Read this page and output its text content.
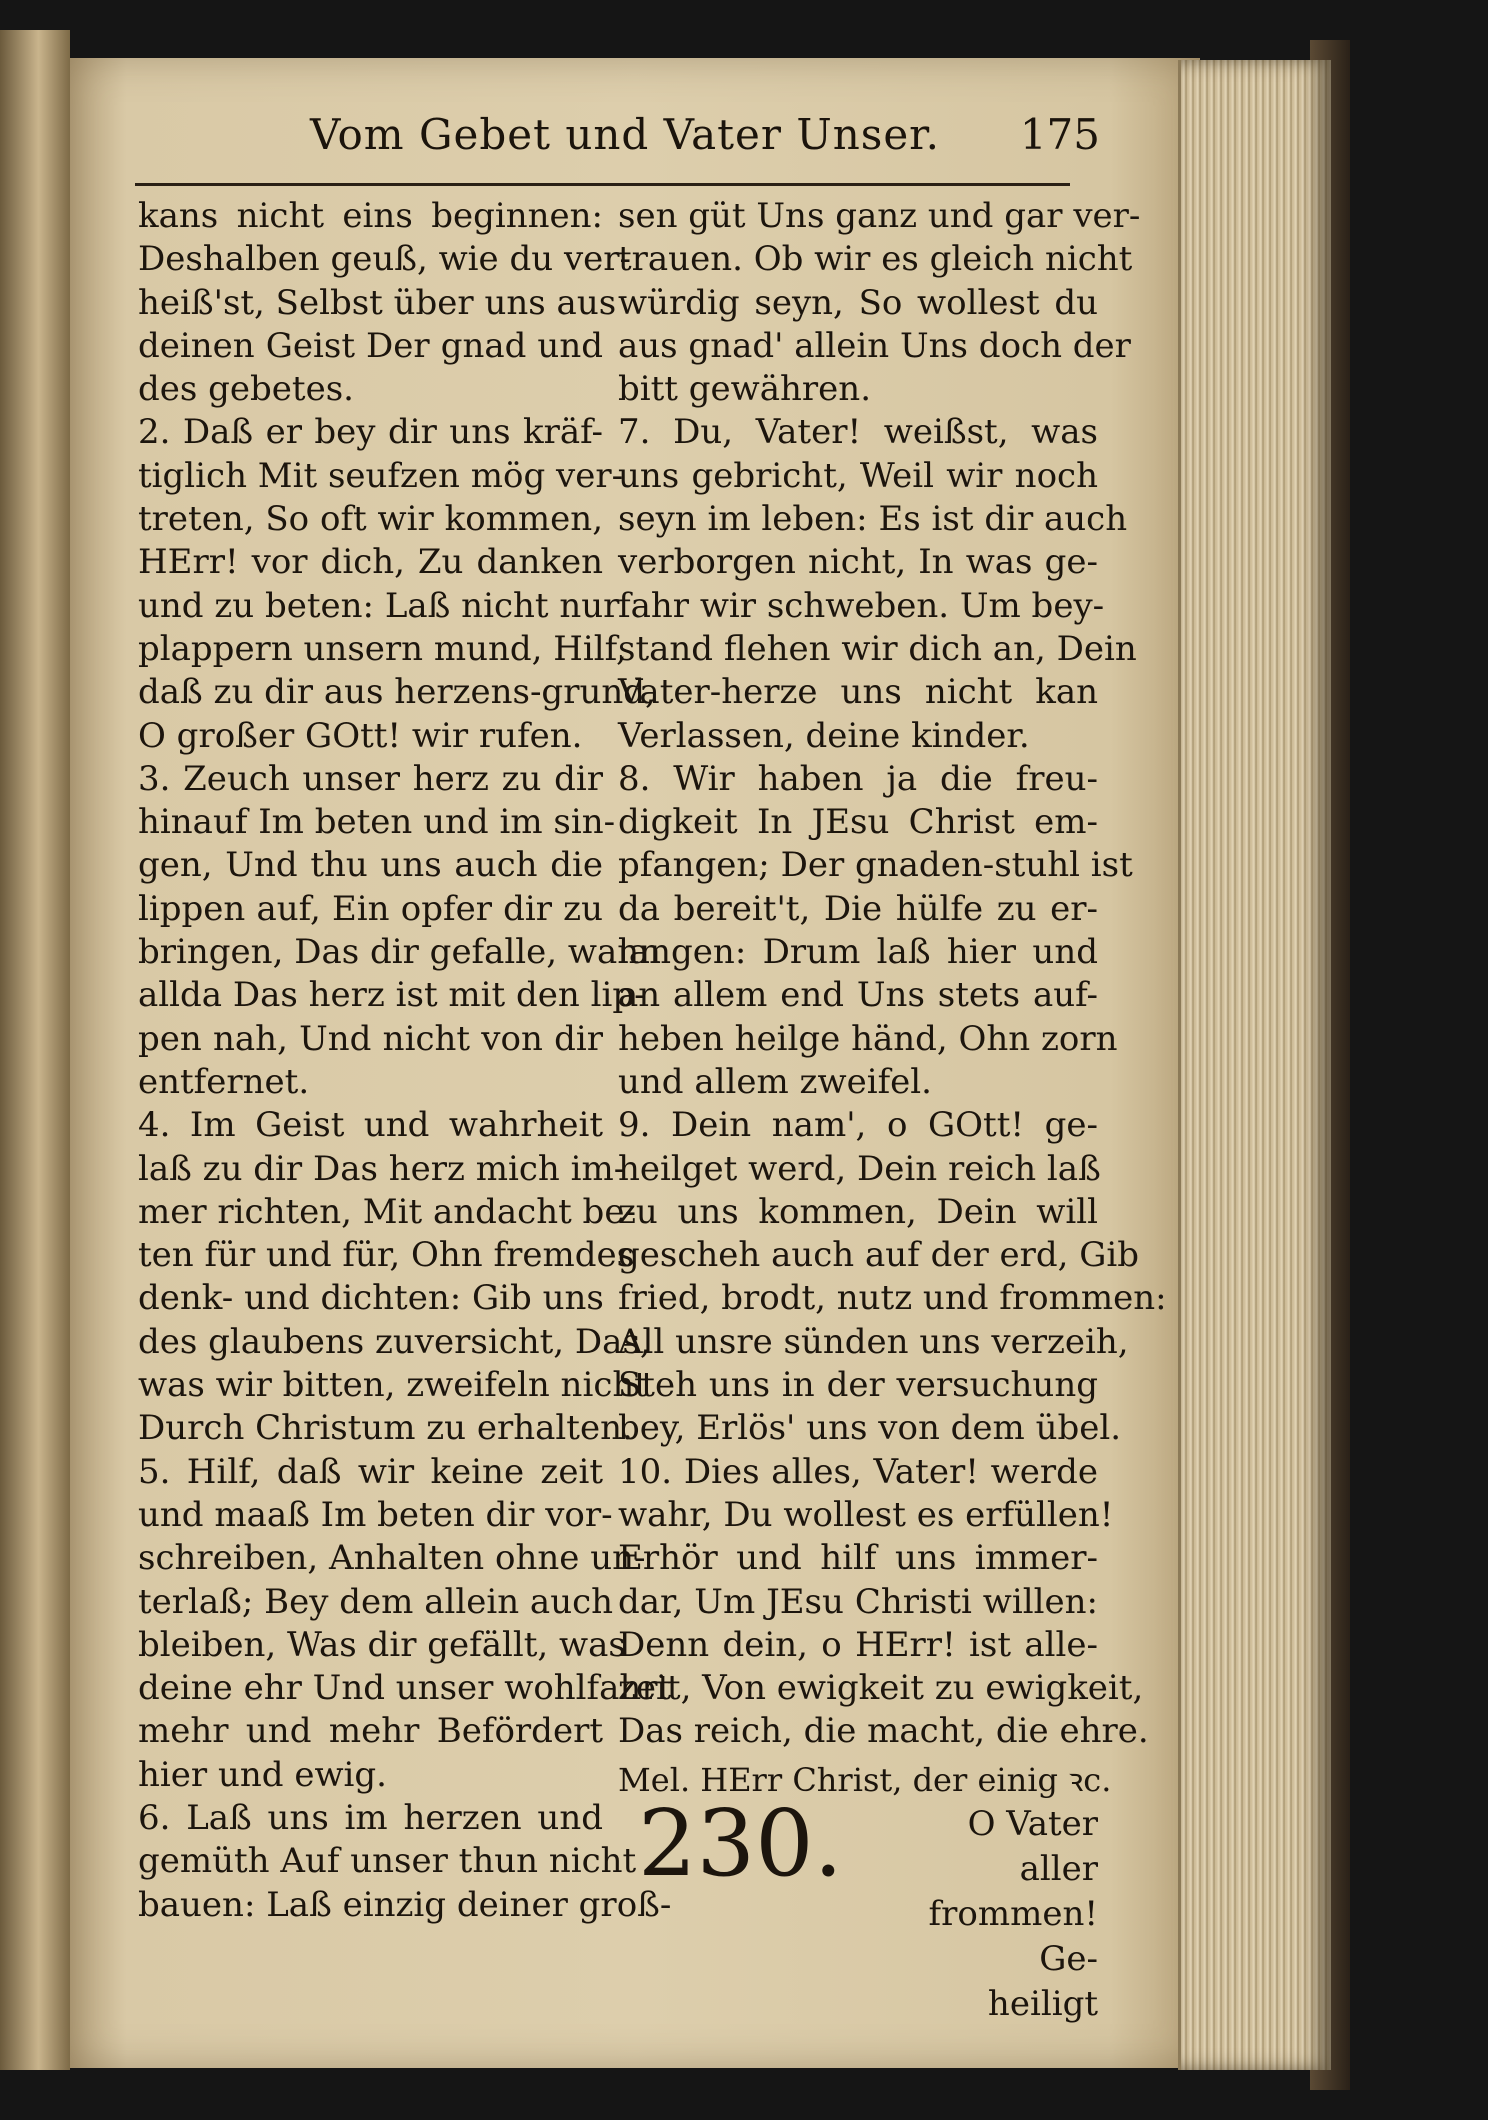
Vom Gebet und Vater Unser. 175
kans nicht eins beginnen:
Deshalben geuß, wie du ver-
heiß'st, Selbst über uns aus
deinen Geist Der gnad und
des gebetes.
2. Daß er bey dir uns kräf-
tiglich Mit seufzen mög ver-
treten, So oft wir kommen,
HErr! vor dich, Zu danken
und zu beten: Laß nicht nur
plappern unsern mund, Hilf,
daß zu dir aus herzens-grund,
O großer GOtt! wir rufen.
3. Zeuch unser herz zu dir
hinauf Im beten und im sin-
gen, Und thu uns auch die
lippen auf, Ein opfer dir zu
bringen, Das dir gefalle, wann
allda Das herz ist mit den lip-
pen nah, Und nicht von dir
entfernet.
4. Im Geist und wahrheit
laß zu dir Das herz mich im-
mer richten, Mit andacht be-
ten für und für, Ohn fremdes
denk- und dichten: Gib uns
des glaubens zuversicht, Das,
was wir bitten, zweifeln nicht
Durch Christum zu erhalten.
5. Hilf, daß wir keine zeit
und maaß Im beten dir vor-
schreiben, Anhalten ohne un-
terlaß; Bey dem allein auch
bleiben, Was dir gefällt, was
deine ehr Und unser wohlfahrt
mehr und mehr Befördert
hier und ewig.
6. Laß uns im herzen und
gemüth Auf unser thun nicht
bauen: Laß einzig deiner groß-
sen güt Uns ganz und gar ver-
trauen. Ob wir es gleich nicht
würdig seyn, So wollest du
aus gnad' allein Uns doch der
bitt gewähren.
7. Du, Vater! weißst, was
uns gebricht, Weil wir noch
seyn im leben: Es ist dir auch
verborgen nicht, In was ge-
fahr wir schweben. Um bey-
stand flehen wir dich an, Dein
Vater-herze uns nicht kan
Verlassen, deine kinder.
8. Wir haben ja die freu-
digkeit In JEsu Christ em-
pfangen; Der gnaden-stuhl ist
da bereit't, Die hülfe zu er-
langen: Drum laß hier und
an allem end Uns stets auf-
heben heilge händ, Ohn zorn
und allem zweifel.
9. Dein nam', o GOtt! ge-
heilget werd, Dein reich laß
zu uns kommen, Dein will
gescheh auch auf der erd, Gib
fried, brodt, nutz und frommen:
All unsre sünden uns verzeih,
Steh uns in der versuchung
bey, Erlös' uns von dem übel.
10. Dies alles, Vater! werde
wahr, Du wollest es erfüllen!
Erhör und hilf uns immer-
dar, Um JEsu Christi willen:
Denn dein, o HErr! ist alle-
zeit, Von ewigkeit zu ewigkeit,
Das reich, die macht, die ehre.
Mel. HErr Christ, der einig ꝛc.
230.	O Vater aller
frommen! Ge-
heiligt
